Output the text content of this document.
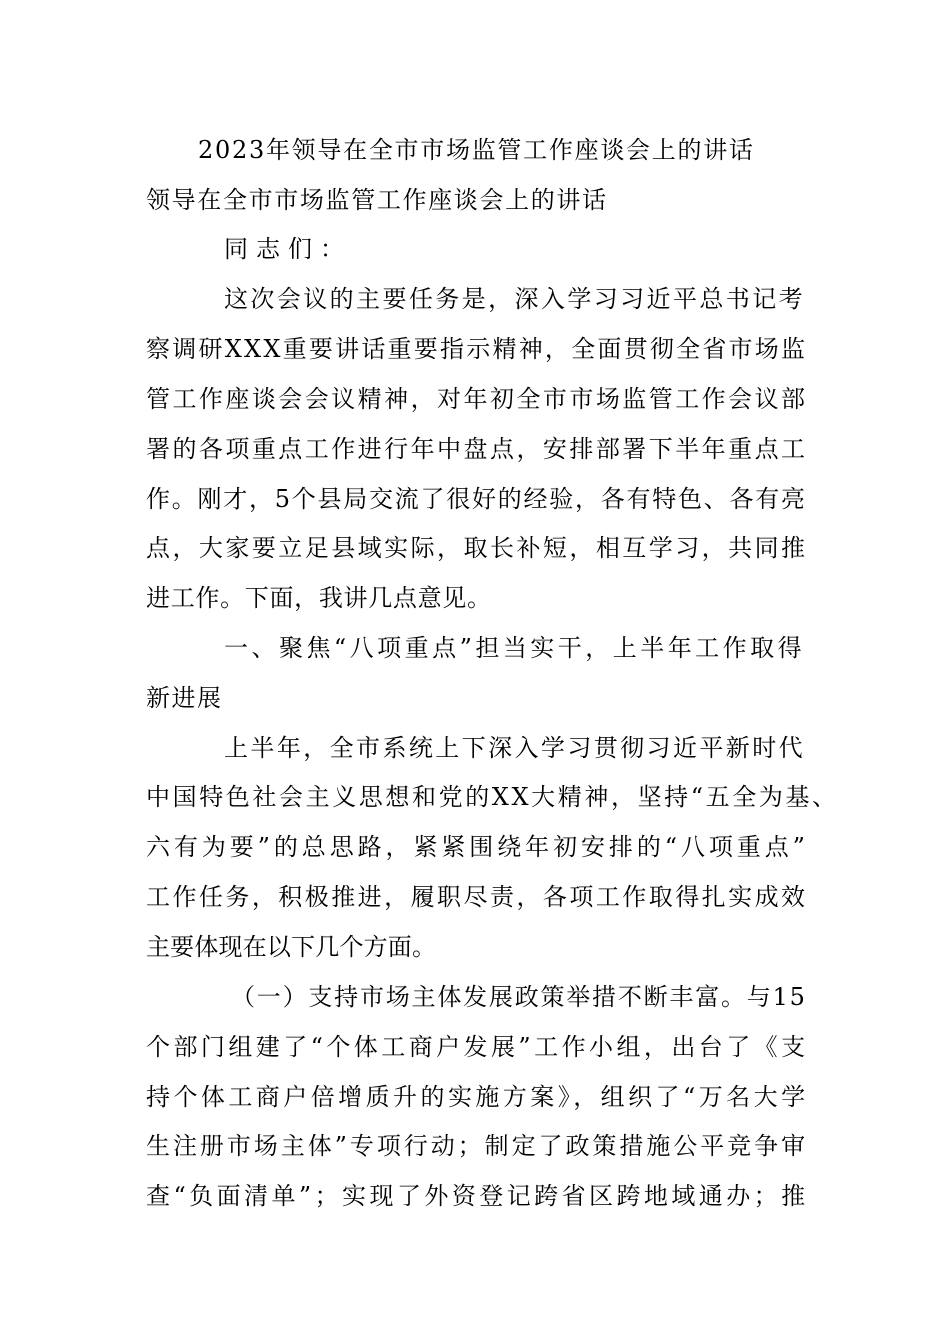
2023年领导在全市市场监管工作座谈会上的讲话
领导在全市市场监管工作座谈会上的讲话
同志们：
这次会议的主要任务是，深入学习习近平总书记考
察调研XXX重要讲话重要指示精神，全面贯彻全省市场监
管工作座谈会会议精神，对年初全市市场监管工作会议部
署的各项重点工作进行年中盘点，安排部署下半年重点工
作。刚才，5个县局交流了很好的经验，各有特色、各有亮
点，大家要立足县域实际，取长补短，相互学习，共同推
进工作。下面，我讲几点意见。
一、聚焦“八项重点”担当实干，上半年工作取得
新进展
上半年，全市系统上下深入学习贯彻习近平新时代
中国特色社会主义思想和党的XX大精神，坚持“五全为基、
六有为要”的总思路，紧紧围绕年初安排的“八项重点”
工作任务，积极推进，履职尽责，各项工作取得扎实成效
主要体现在以下几个方面。
（一）支持市场主体发展政策举措不断丰富。与15
个部门组建了“个体工商户发展”工作小组，出台了《支
持个体工商户倍增质升的实施方案》，组织了“万名大学
生注册市场主体”专项行动；制定了政策措施公平竞争审
查“负面清单”；实现了外资登记跨省区跨地域通办；推
